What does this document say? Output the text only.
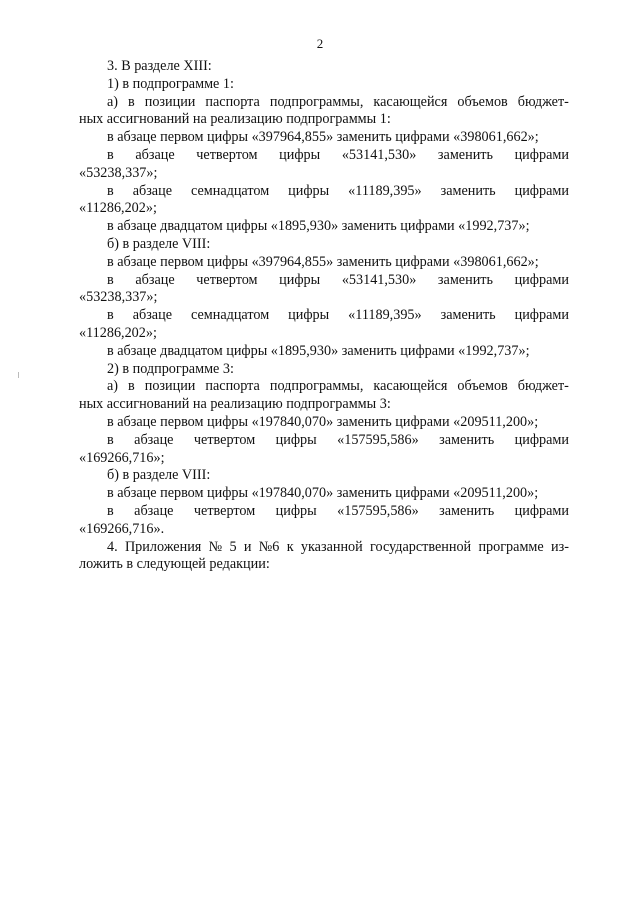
2
3. В разделе XIII:
1) в подпрограмме 1:
а) в позиции паспорта подпрограммы, касающейся объемов бюджет-
ных ассигнований на реализацию подпрограммы 1:
в абзаце первом цифры «397964,855» заменить цифрами «398061,662»;
в абзаце четвертом цифры «53141,530» заменить цифрами
«53238,337»;
в абзаце семнадцатом цифры «11189,395» заменить цифрами
«11286,202»;
в абзаце двадцатом цифры «1895,930» заменить цифрами «1992,737»;
б) в разделе VIII:
в абзаце первом цифры «397964,855» заменить цифрами «398061,662»;
в абзаце четвертом цифры «53141,530» заменить цифрами
«53238,337»;
в абзаце семнадцатом цифры «11189,395» заменить цифрами
«11286,202»;
в абзаце двадцатом цифры «1895,930» заменить цифрами «1992,737»;
2) в подпрограмме 3:
а) в позиции паспорта подпрограммы, касающейся объемов бюджет-
ных ассигнований на реализацию подпрограммы 3:
в абзаце первом цифры «197840,070» заменить цифрами «209511,200»;
в абзаце четвертом цифры «157595,586» заменить цифрами
«169266,716»;
б) в разделе VIII:
в абзаце первом цифры «197840,070» заменить цифрами «209511,200»;
в абзаце четвертом цифры «157595,586» заменить цифрами
«169266,716».
4. Приложения № 5 и №6 к указанной государственной программе из-
ложить в следующей редакции:
